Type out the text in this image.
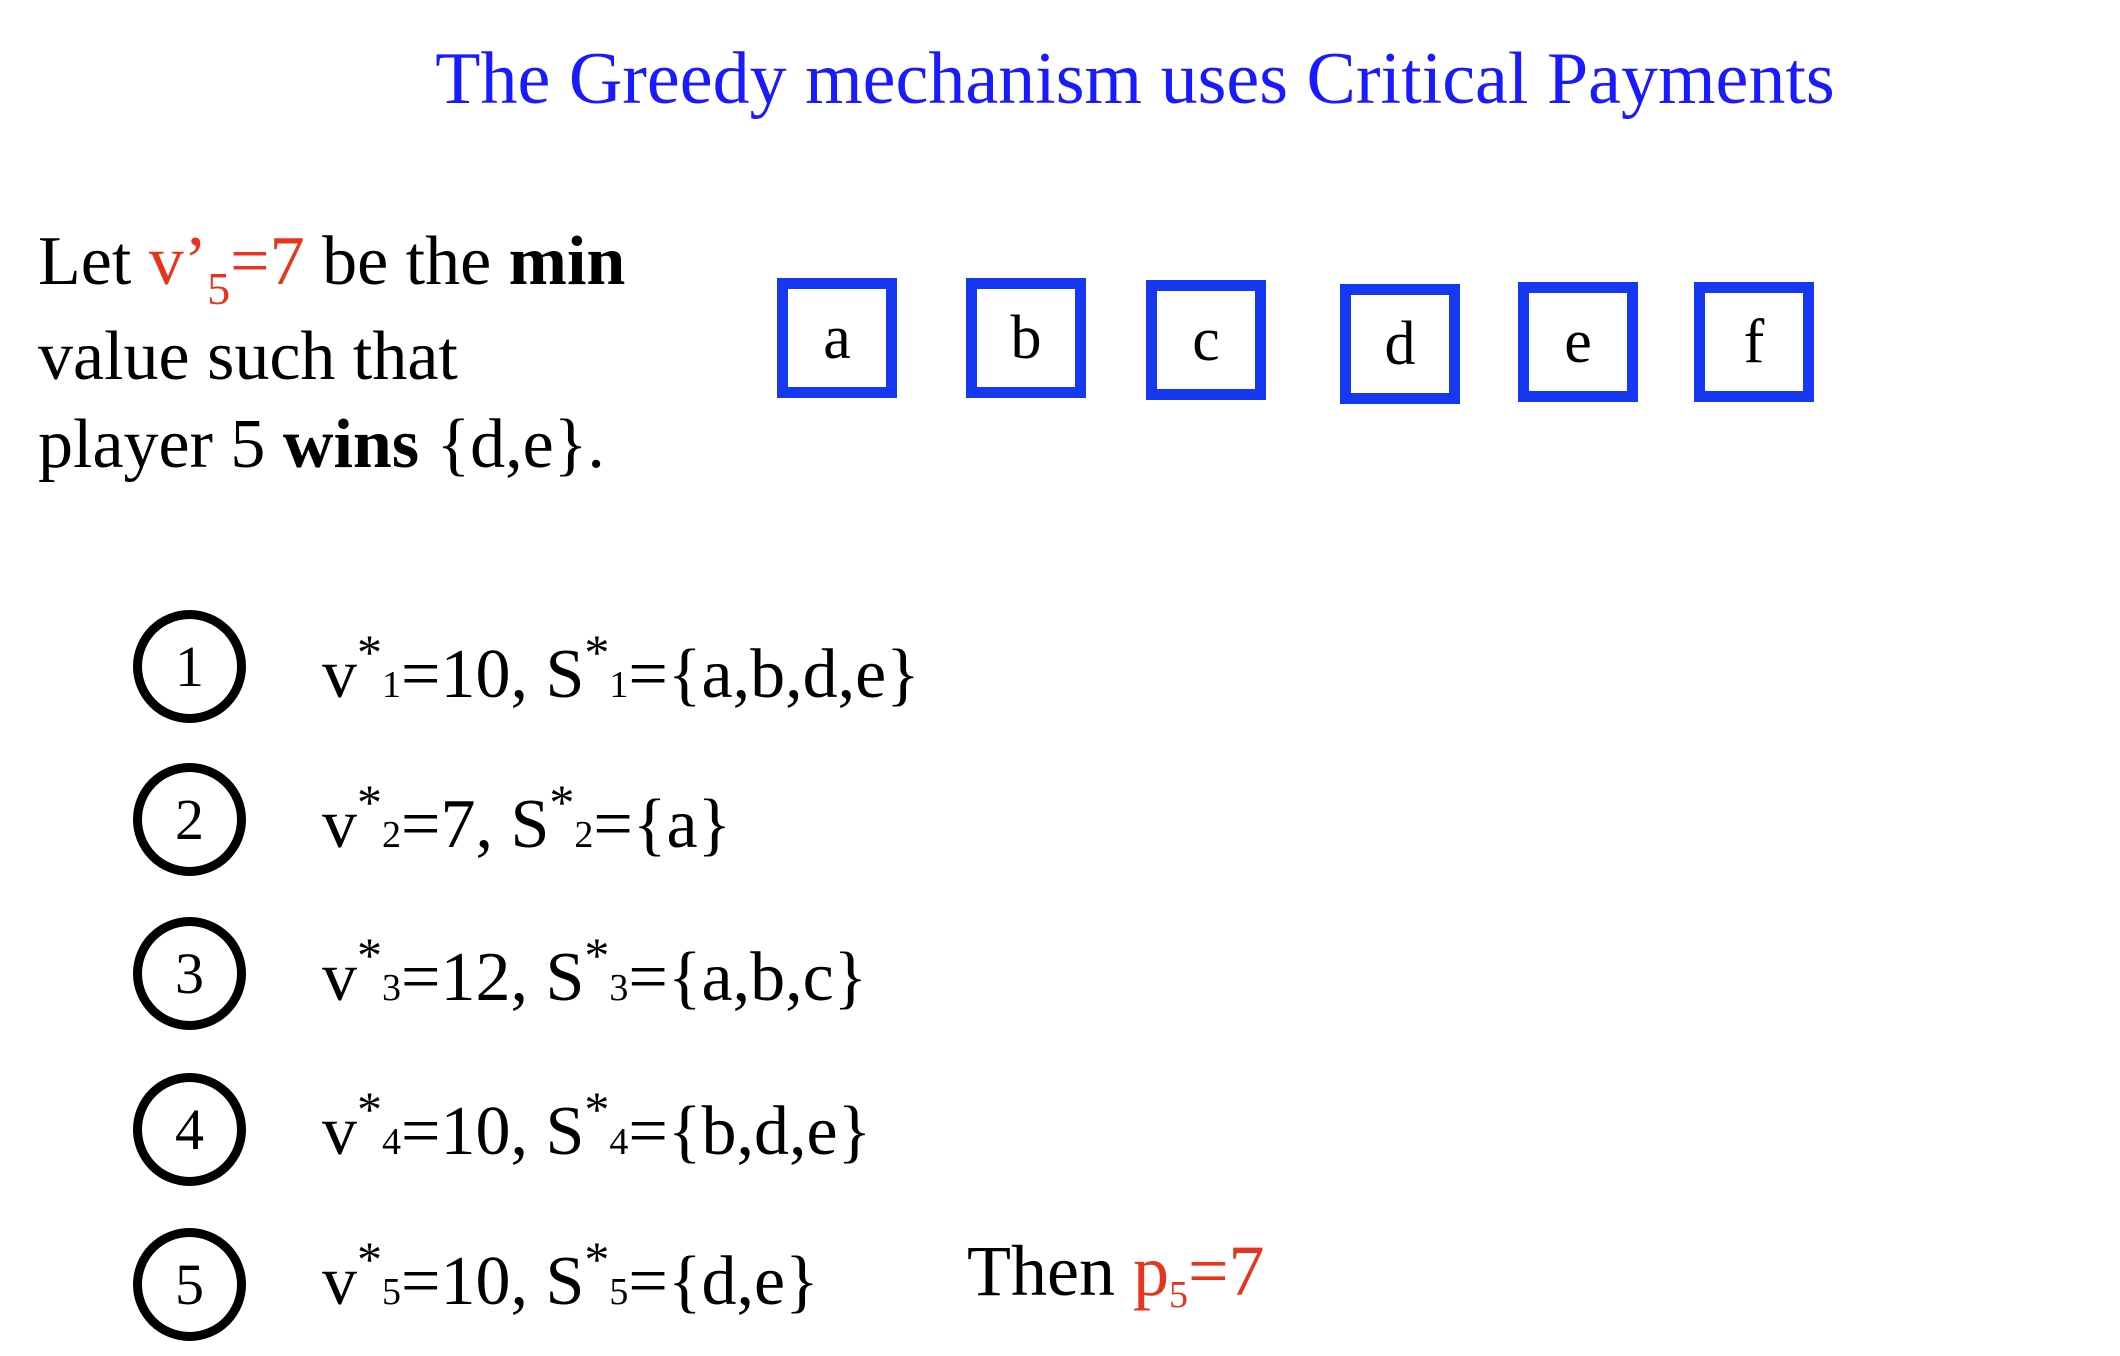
The Greedy mechanism uses Critical Payments
Let $v’_5=7$ be the min
value such that
player 5 wins {d,e}.
a	b	c	d	e	f
1	v*1=10, S*1={a,b,d,e}
2	v*2=7, S*2={a}
3	v*3=12, S*3={a,b,c}
4	v*4=10, S*4={b,d,e}
5	v*5=10, S*5={d,e} Then p5=7
